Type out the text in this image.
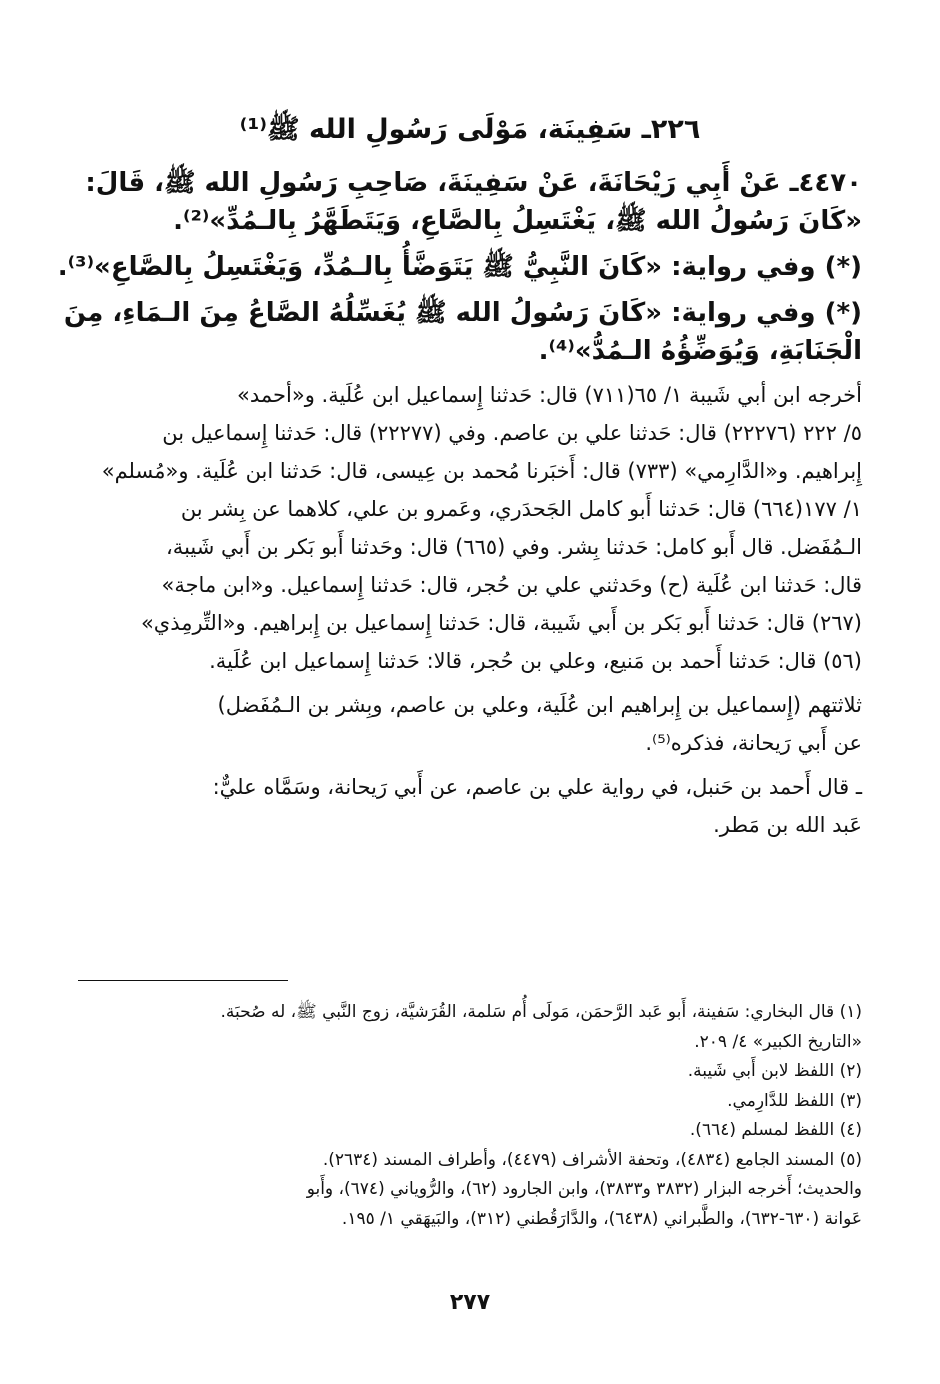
٢٢٦ـ سَفِينَة، مَوْلَى رَسُولِ الله ﷺ⁽¹⁾

٤٤٧٠ـ عَنْ أَبِي رَيْحَانَةَ، عَنْ سَفِينَةَ، صَاحِبِ رَسُولِ الله ﷺ، قَالَ:

«كَانَ رَسُولُ الله ﷺ، يَغْتَسِلُ بِالصَّاعِ، وَيَتَطَهَّرُ بِالـمُدِّ»⁽²⁾.

(*) وفي رواية: «كَانَ النَّبِيُّ ﷺ يَتَوَضَّأُ بِالـمُدِّ، وَيَغْتَسِلُ بِالصَّاعِ»⁽³⁾.

(*) وفي رواية: «كَانَ رَسُولُ الله ﷺ يُغَسِّلُهُ الصَّاعُ مِنَ الـمَاءِ، مِنَ

الْجَنَابَةِ، وَيُوَضِّؤُهُ الـمُدُّ»⁽⁴⁾.

أخرجه ابن أبي شَيبة ١/ ٦٥(٧١١) قال: حَدثنا إِسماعيل ابن عُلَية. و«أحمد»

٥/ ٢٢٢ (٢٢٢٧٦) قال: حَدثنا علي بن عاصم. وفي (٢٢٢٧٧) قال: حَدثنا إِسماعيل بن

إِبراهيم. و«الدَّارِمي» (٧٣٣) قال: أَخبَرنا مُحمد بن عِيسى، قال: حَدثنا ابن عُلَية. و«مُسلم»

١/ ١٧٧(٦٦٤) قال: حَدثنا أَبو كامل الجَحدَري، وعَمرو بن علي، كلاهما عن بِشر بن

الـمُفَضل. قال أَبو كامل: حَدثنا بِشر. وفي (٦٦٥) قال: وحَدثنا أَبو بَكر بن أَبي شَيبة،

قال: حَدثنا ابن عُلَية (ح) وحَدثني علي بن حُجر، قال: حَدثنا إِسماعيل. و«ابن ماجة»

(٢٦٧) قال: حَدثنا أَبو بَكر بن أَبي شَيبة، قال: حَدثنا إِسماعيل بن إِبراهيم. و«التِّرمِذي»

(٥٦) قال: حَدثنا أَحمد بن مَنيع، وعلي بن حُجر، قالا: حَدثنا إِسماعيل ابن عُلَية.

ثلاثتهم (إِسماعيل بن إِبراهيم ابن عُلَية، وعلي بن عاصم، وبِشر بن الـمُفَضل)

عن أَبي رَيحانة، فذكره⁽⁵⁾.

ـ قال أَحمد بن حَنبل، في رواية علي بن عاصم، عن أَبي رَيحانة، وسَمَّاه عليٌّ:

عَبد الله بن مَطر.

(١) قال البخاري: سَفينة، أَبو عَبد الرَّحمَن، مَولَى أُم سَلمة، القُرَشيَّة، زوج النَّبي ﷺ، له صُحبَة.

«التاريخ الكبير» ٤/ ٢٠٩.

(٢) اللفظ لابن أَبي شَيبة.

(٣) اللفظ للدَّارِمي.

(٤) اللفظ لمسلم (٦٦٤).

(٥) المسند الجامع (٤٨٣٤)، وتحفة الأشراف (٤٤٧٩)، وأطراف المسند (٢٦٣٤).

والحديث؛ أَخرجه البزار (٣٨٣٢ و٣٨٣٣)، وابن الجارود (٦٢)، والرُّوياني (٦٧٤)، وأَبو

عَوانة (٦٣٠-٦٣٢)، والطَّبراني (٦٤٣٨)، والدَّارَقُطني (٣١٢)، والبَيهَقي ١/ ١٩٥.

٢٧٧
